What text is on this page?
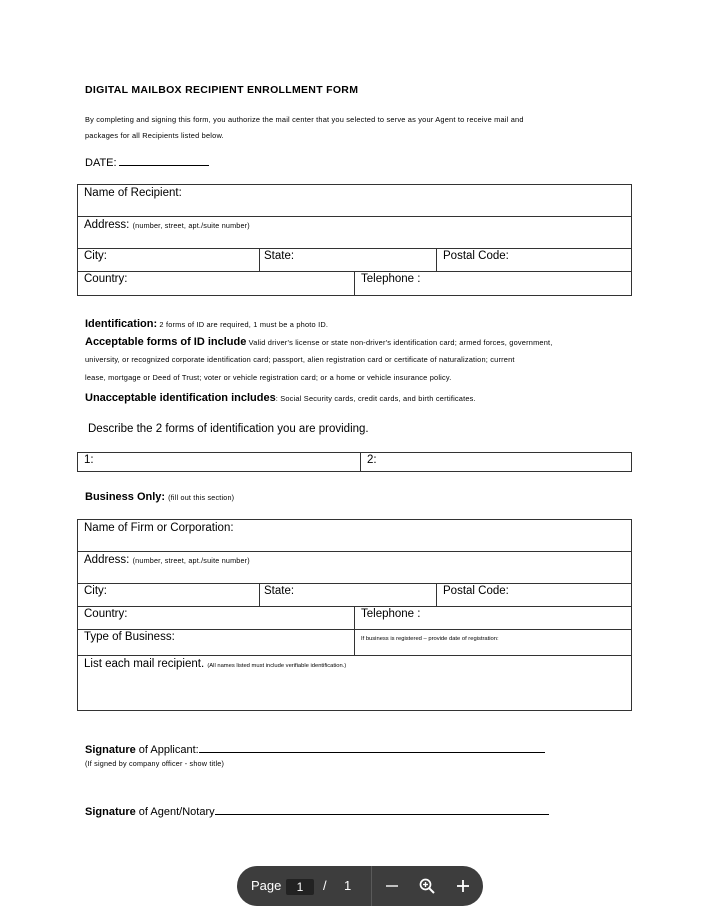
DIGITAL MAILBOX RECIPIENT ENROLLMENT FORM
By completing and signing this form, you authorize the mail center that you selected to serve as your Agent to receive mail and
packages for all Recipients listed below.
DATE:
Name of Recipient:			
Address: (number, street, apt./suite number)			
City:	State:		Postal Code:
Country:		Telephone :	
Identification: 2 forms of ID are required, 1 must be a photo ID.
Acceptable forms of ID include Valid driver's license or state non-driver's identification card; armed forces, government,
university, or recognized corporate identification card; passport, alien registration card or certificate of naturalization; current
lease, mortgage or Deed of Trust; voter or vehicle registration card; or a home or vehicle insurance policy.
Unacceptable identification includes: Social Security cards, credit cards, and birth certificates.
Describe the 2 forms of identification you are providing.
1:	2:
Business Only: (fill out this section)
Name of Firm or Corporation:			
Address: (number, street, apt./suite number)			
City:	State:		Postal Code:
Country:		Telephone :	
Type of Business:		If business is registered – provide date of registration:	
List each mail recipient. (All names listed must include verifiable identification.)			
Signature of Applicant:
(If signed by company officer - show title)
Signature of Agent/Notary
Page	1	/ 1
